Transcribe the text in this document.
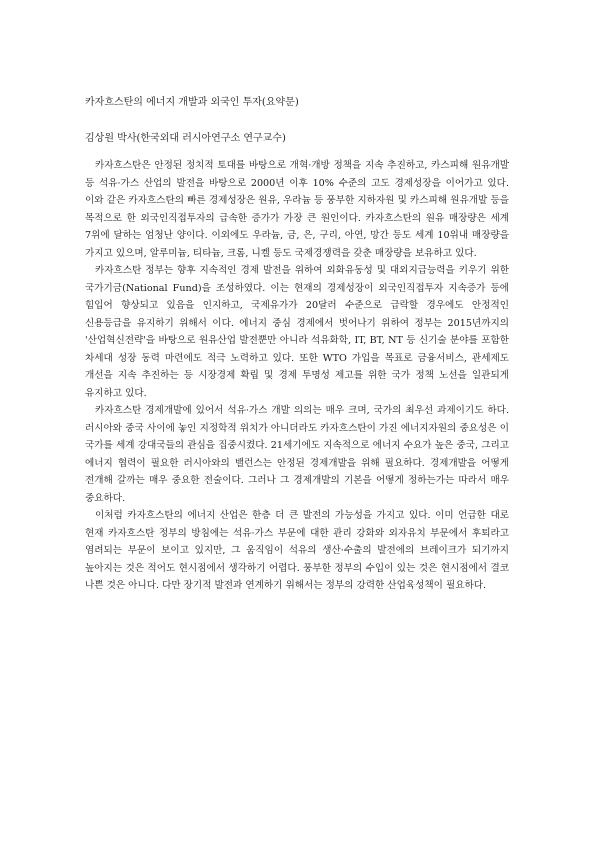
카자흐스탄의 에너지 개발과 외국인 투자(요약문)
김상원 박사(한국외대 러시아연구소 연구교수)

카자흐스탄은 안정된 정치적 토대를 바탕으로 개혁·개방 정책을 지속 추진하고, 카스피해 원유개발 등 석유·가스 산업의 발전을 바탕으로 2000년 이후 10% 수준의 고도 경제성장을 이어가고 있다. 이와 같은 카자흐스탄의 빠른 경제성장은 원유, 우라늄 등 풍부한 지하자원 및 카스피해 원유개발 등을 목적으로 한 외국인직접투자의 급속한 증가가 가장 큰 원인이다. 카자흐스탄의 원유 매장량은 세계 7위에 달하는 엄청난 양이다. 이외에도 우라늄, 금, 은, 구리, 아연, 망간 등도 세계 10위내 매장량을 가지고 있으며, 알루미늄, 티타늄, 크롬, 니켈 등도 국제경쟁력을 갖춘 매장량을 보유하고 있다.

카자흐스탄 정부는 향후 지속적인 경제 발전을 위하여 외화유동성 및 대외지급능력을 키우기 위한 국가기금(National Fund)을 조성하였다. 이는 현재의 경제성장이 외국인직접투자 지속증가 등에 힘입어 향상되고 있음을 인지하고, 국제유가가 20달러 수준으로 급락할 경우에도 안정적인 신용등급을 유지하기 위해서 이다. 에너지 중심 경제에서 벗어나기 위하여 정부는 2015년까지의 '산업혁신전략'을 바탕으로 원유산업 발전뿐만 아니라 석유화학, IT, BT, NT 등 신기술 분야를 포함한 차세대 성장 동력 마련에도 적극 노력하고 있다. 또한 WTO 가입을 목표로 금융서비스, 관세제도 개선을 지속 추진하는 등 시장경제 확립 및 경제 투명성 제고를 위한 국가 정책 노선을 일관되게 유지하고 있다.

카자흐스탄 경제개발에 있어서 석유·가스 개발 의의는 매우 크며, 국가의 최우선 과제이기도 하다. 러시아와 중국 사이에 놓인 지정학적 위치가 아니더라도 카자흐스탄이 가진 에너지자원의 중요성은 이 국가를 세계 강대국들의 관심을 집중시켰다. 21세기에도 지속적으로 에너지 수요가 높은 중국, 그리고 에너지 협력이 필요한 러시아와의 밸런스는 안정된 경제개발을 위해 필요하다. 경제개발을 어떻게 전개해 갈까는 매우 중요한 전술이다. 그러나 그 경제개발의 기본을 어떻게 정하는가는 따라서 매우 중요하다.

이처럼 카자흐스탄의 에너지 산업은 한층 더 큰 발전의 가능성을 가지고 있다. 이미 언급한 대로 현재 카자흐스탄 정부의 방침에는 석유·가스 부문에 대한 관리 강화와 외자유치 부문에서 후퇴라고 염려되는 부문이 보이고 있지만, 그 움직임이 석유의 생산·수출의 발전에의 브레이크가 되기까지 높아지는 것은 적어도 현시점에서 생각하기 어렵다. 풍부한 정부의 수입이 있는 것은 현시점에서 결코 나쁜 것은 아니다. 다만 장기적 발전과 연계하기 위해서는 정부의 강력한 산업육성책이 필요하다.
